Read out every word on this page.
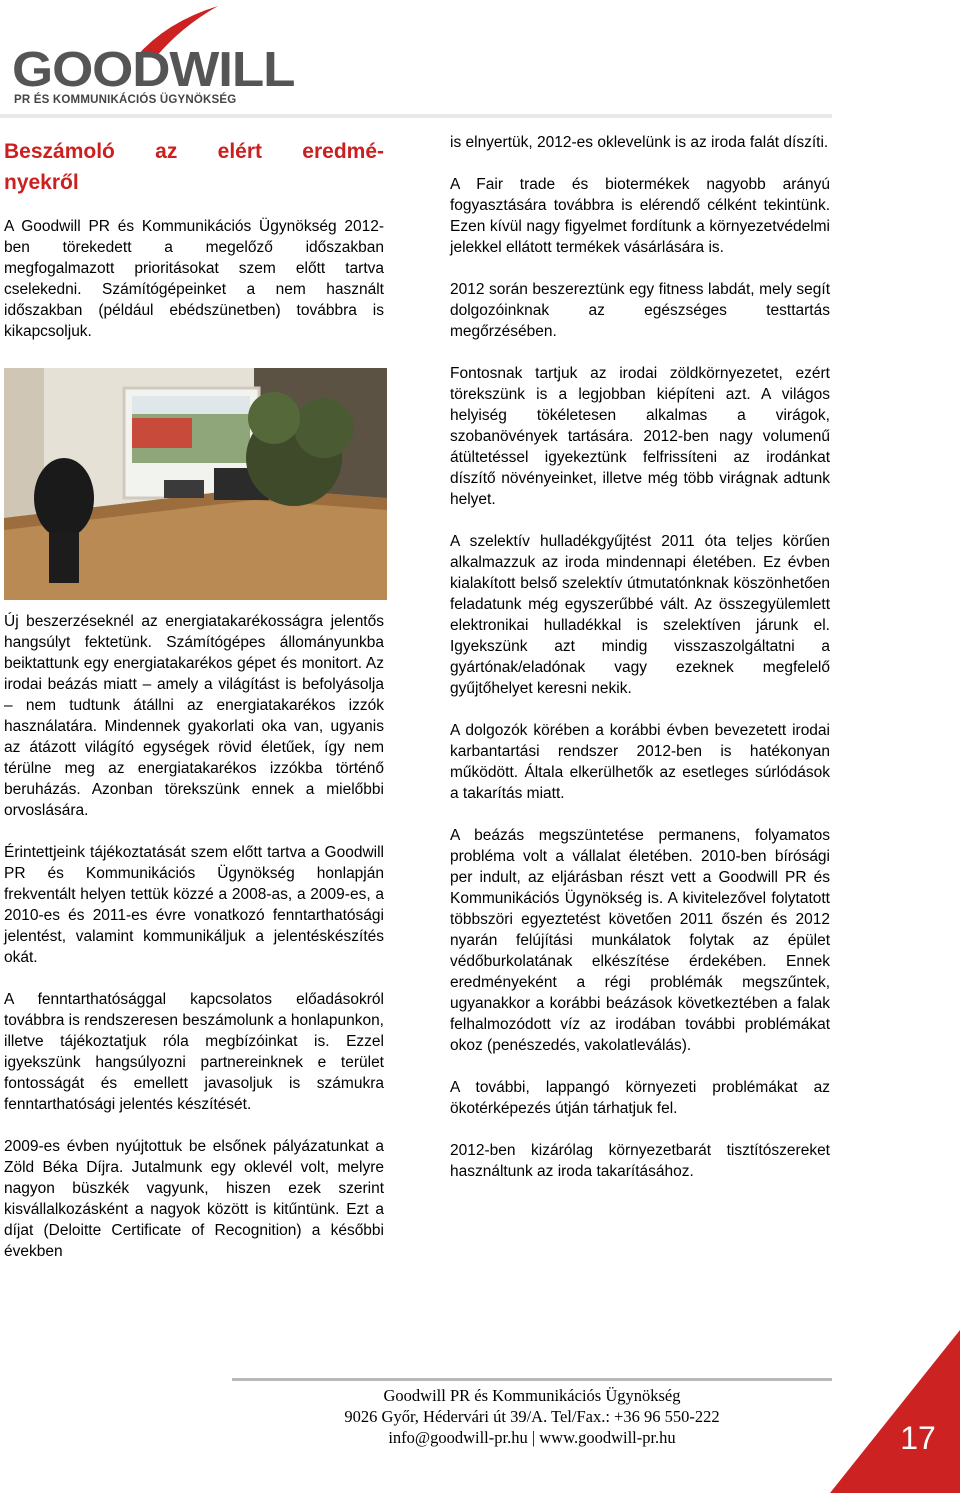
GOODWILL
PR ÉS KOMMUNIKÁCIÓS ÜGYNÖKSÉG
Beszámoló az elért eredmé-
nyekről

A Goodwill PR és Kommunikációs Ügynökség 2012-ben törekedett a megelőző időszakban megfogalmazott prioritásokat szem előtt tartva cselekedni. Számítógépeinket a nem használt időszakban (például ebédszünetben) továbbra is kikapcsoljuk.

Új beszerzéseknél az energiatakarékosságra jelentős hangsúlyt fektetünk. Számítógépes állományunkba beiktattunk egy energiatakarékos gépet és monitort. Az irodai beázás miatt – amely a világítást is befolyásolja – nem tudtunk átállni az energiatakarékos izzók használatára. Mindennek gyakorlati oka van, ugyanis az átázott világító egységek rövid életűek, így nem térülne meg az energiatakarékos izzókba történő beruházás. Azonban törekszünk ennek a mielőbbi orvoslására.

Érintettjeink tájékoztatását szem előtt tartva a Goodwill PR és Kommunikációs Ügynökség honlapján frekventált helyen tettük közzé a 2008-as, a 2009-es, a 2010-es és 2011-es évre vonatkozó fenntarthatósági jelentést, valamint kommunikáljuk a jelentéskészítés okát.

A fenntarthatósággal kapcsolatos előadásokról továbbra is rendszeresen beszámolunk a honlapunkon, illetve tájékoztatjuk róla megbízóinkat is. Ezzel igyekszünk hangsúlyozni partnereinknek e terület fontosságát és emellett javasoljuk is számukra fenntarthatósági jelentés készítését.

2009-es évben nyújtottuk be elsőnek pályázatunkat a Zöld Béka Díjra. Jutalmunk egy oklevél volt, melyre nagyon büszkék vagyunk, hiszen ezek szerint kisvállalkozásként a nagyok között is kitűntünk. Ezt a díjat (Deloitte Certificate of Recognition) a későbbi években

is elnyertük, 2012-es oklevelünk is az iroda falát díszíti.

A Fair trade és biotermékek nagyobb arányú fogyasztására továbbra is elérendő célként tekintünk. Ezen kívül nagy figyelmet fordítunk a környezetvédelmi jelekkel ellátott termékek vásárlására is.

2012 során beszereztünk egy fitness labdát, mely segít dolgozóinknak az egészséges testtartás megőrzésében.

Fontosnak tartjuk az irodai zöldkörnyezetet, ezért törekszünk is a legjobban kiépíteni azt. A világos helyiség tökéletesen alkalmas a virágok, szobanövények tartására. 2012-ben nagy volumenű átültetéssel igyekeztünk felfrissíteni az irodánkat díszítő növényeinket, illetve még több virágnak adtunk helyet.

A szelektív hulladékgyűjtést 2011 óta teljes körűen alkalmazzuk az iroda mindennapi életében. Ez évben kialakított belső szelektív útmutatónknak köszönhetően feladatunk még egyszerűbbé vált. Az összegyülemlett elektronikai hulladékkal is szelektíven járunk el. Igyekszünk azt mindig visszaszolgáltatni a gyártónak/eladónak vagy ezeknek megfelelő gyűjtőhelyet keresni nekik.

A dolgozók körében a korábbi évben bevezetett irodai karbantartási rendszer 2012-ben is hatékonyan működött. Általa elkerülhetők az esetleges súrlódások a takarítás miatt.

A beázás megszüntetése permanens, folyamatos probléma volt a vállalat életében. 2010-ben bírósági per indult, az eljárásban részt vett a Goodwill PR és Kommunikációs Ügynökség is. A kivitelezővel folytatott többszöri egyeztetést követően 2011 őszén és 2012 nyarán felújítási munkálatok folytak az épület védőburkolatának elkészítése érdekében. Ennek eredményeként a régi problémák megszűntek, ugyanakkor a korábbi beázások következtében a falak felhalmozódott víz az irodában további problémákat okoz (penészedés, vakolatleválás).

A további, lappangó környezeti problémákat az ökotérképezés útján tárhatjuk fel.

2012-ben kizárólag környezetbarát tisztítószereket használtunk az iroda takarításához.

Goodwill PR és Kommunikációs Ügynökség
9026 Győr, Hédervári út 39/A. Tel/Fax.: +36 96 550-222
info@goodwill-pr.hu | www.goodwill-pr.hu	17
